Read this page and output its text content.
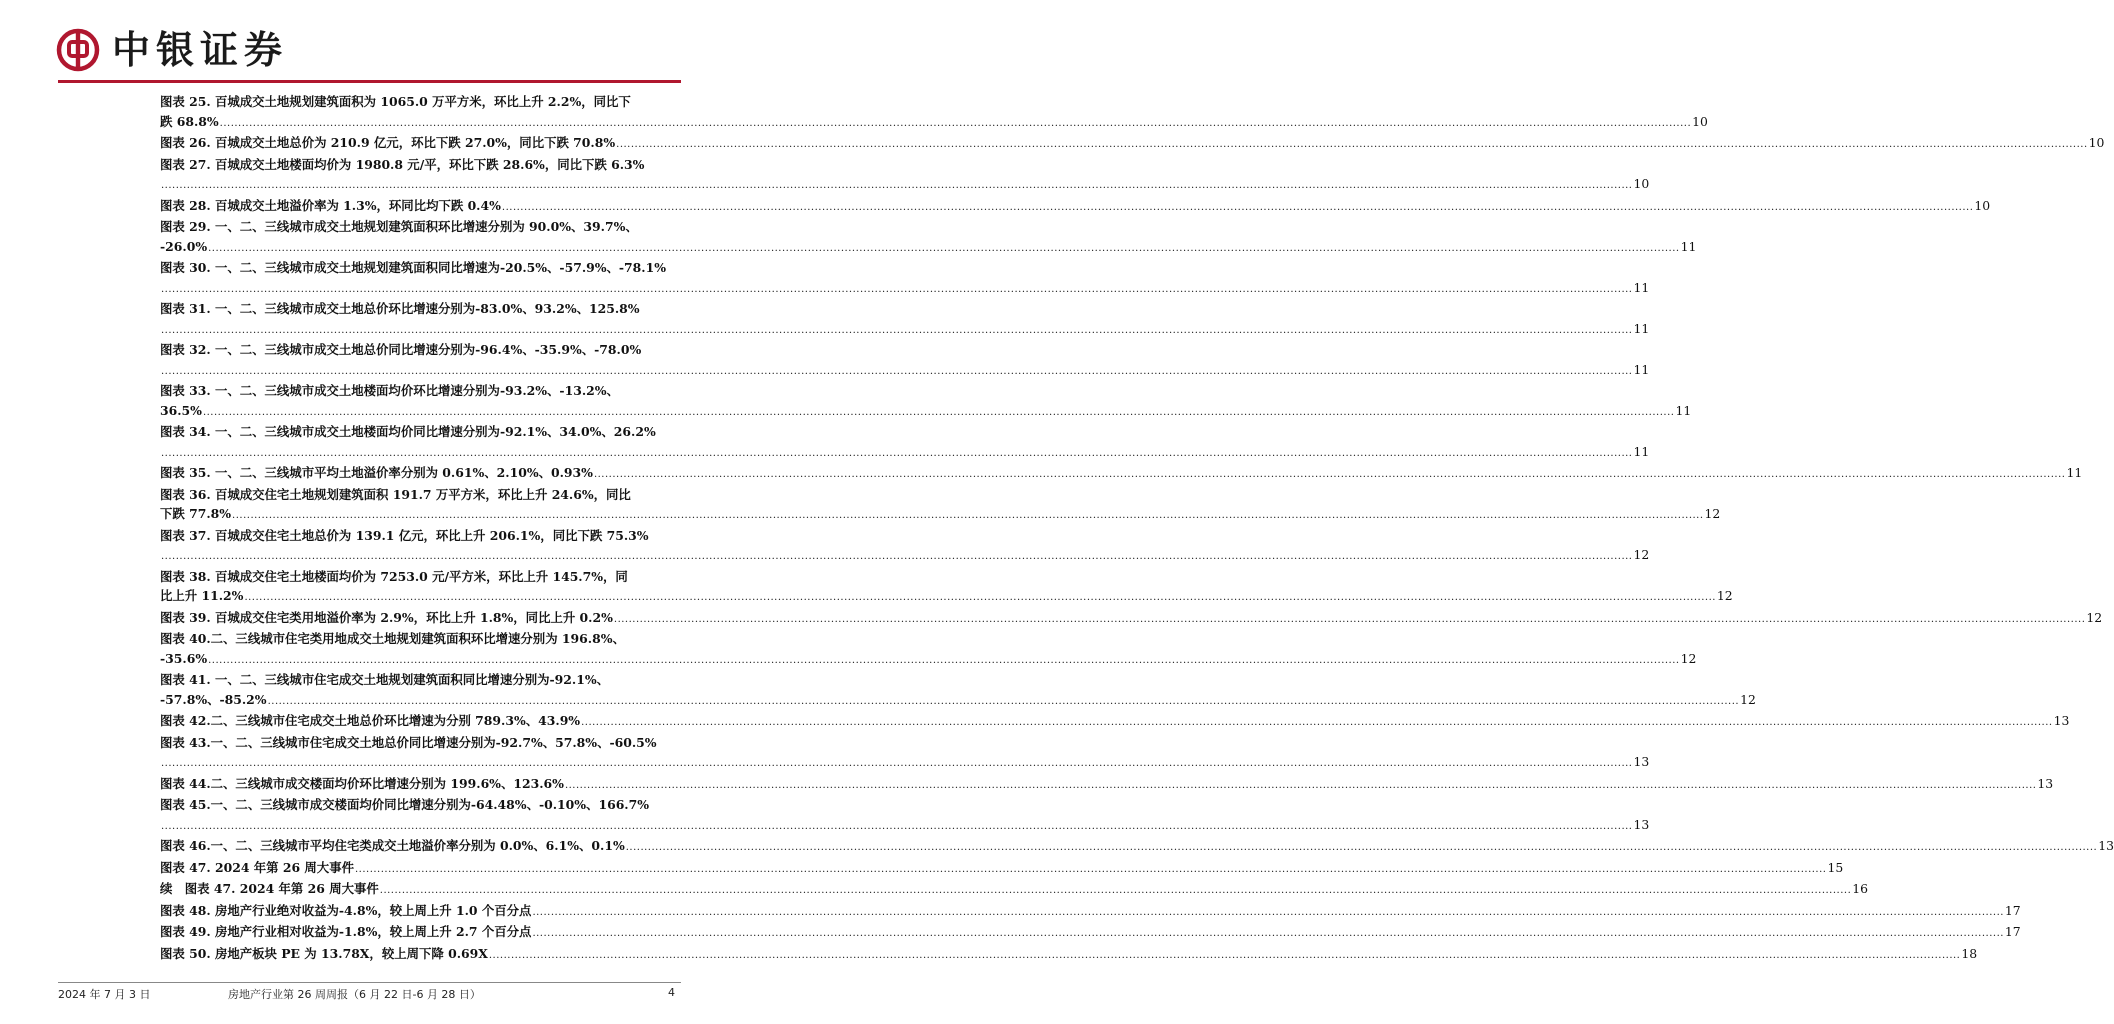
中银证券
图表 25. 百城成交土地规划建筑面积为 1065.0 万平方米，环比上升 2.2%，同比下
跌 68.8% ................................................................................................................................................................................................................................................................................................................................................................................................................ 10
图表 26. 百城成交土地总价为 210.9 亿元，环比下跌 27.0%，同比下跌 70.8% ................................................................................................................................................................................................................................................................................................................................................................................................................ 10
图表 27. 百城成交土地楼面均价为 1980.8 元/平，环比下跌 28.6%，同比下跌 6.3%
................................................................................................................................................................................................................................................................................................................................................................................................................ 10
图表 28. 百城成交土地溢价率为 1.3%，环同比均下跌 0.4% ................................................................................................................................................................................................................................................................................................................................................................................................................ 10
图表 29. 一、二、三线城市成交土地规划建筑面积环比增速分别为 90.0%、39.7%、
-26.0% ................................................................................................................................................................................................................................................................................................................................................................................................................ 11
图表 30. 一、二、三线城市成交土地规划建筑面积同比增速为-20.5%、-57.9%、-78.1%
................................................................................................................................................................................................................................................................................................................................................................................................................ 11
图表 31. 一、二、三线城市成交土地总价环比增速分别为-83.0%、93.2%、125.8%
................................................................................................................................................................................................................................................................................................................................................................................................................ 11
图表 32. 一、二、三线城市成交土地总价同比增速分别为-96.4%、-35.9%、-78.0%
................................................................................................................................................................................................................................................................................................................................................................................................................ 11
图表 33. 一、二、三线城市成交土地楼面均价环比增速分别为-93.2%、-13.2%、
36.5% ................................................................................................................................................................................................................................................................................................................................................................................................................ 11
图表 34. 一、二、三线城市成交土地楼面均价同比增速分别为-92.1%、34.0%、26.2%
................................................................................................................................................................................................................................................................................................................................................................................................................ 11
图表 35. 一、二、三线城市平均土地溢价率分别为 0.61%、2.10%、0.93% ................................................................................................................................................................................................................................................................................................................................................................................................................ 11
图表 36. 百城成交住宅土地规划建筑面积 191.7 万平方米，环比上升 24.6%，同比
下跌 77.8% ................................................................................................................................................................................................................................................................................................................................................................................................................ 12
图表 37. 百城成交住宅土地总价为 139.1 亿元，环比上升 206.1%，同比下跌 75.3%
................................................................................................................................................................................................................................................................................................................................................................................................................ 12
图表 38. 百城成交住宅土地楼面均价为 7253.0 元/平方米，环比上升 145.7%，同
比上升 11.2% ................................................................................................................................................................................................................................................................................................................................................................................................................ 12
图表 39. 百城成交住宅类用地溢价率为 2.9%，环比上升 1.8%，同比上升 0.2% ................................................................................................................................................................................................................................................................................................................................................................................................................ 12
图表 40.二、三线城市住宅类用地成交土地规划建筑面积环比增速分别为 196.8%、
-35.6% ................................................................................................................................................................................................................................................................................................................................................................................................................ 12
图表 41. 一、二、三线城市住宅成交土地规划建筑面积同比增速分别为-92.1%、
-57.8%、-85.2% ................................................................................................................................................................................................................................................................................................................................................................................................................ 12
图表 42.二、三线城市住宅成交土地总价环比增速为分别 789.3%、43.9% ................................................................................................................................................................................................................................................................................................................................................................................................................ 13
图表 43.一、二、三线城市住宅成交土地总价同比增速分别为-92.7%、57.8%、-60.5%
................................................................................................................................................................................................................................................................................................................................................................................................................ 13
图表 44.二、三线城市成交楼面均价环比增速分别为 199.6%、123.6% ................................................................................................................................................................................................................................................................................................................................................................................................................ 13
图表 45.一、二、三线城市成交楼面均价同比增速分别为-64.48%、-0.10%、166.7%
................................................................................................................................................................................................................................................................................................................................................................................................................ 13
图表 46.一、二、三线城市平均住宅类成交土地溢价率分别为 0.0%、6.1%、0.1% ................................................................................................................................................................................................................................................................................................................................................................................................................ 13
图表 47. 2024 年第 26 周大事件 ................................................................................................................................................................................................................................................................................................................................................................................................................ 15
续　图表 47. 2024 年第 26 周大事件 ................................................................................................................................................................................................................................................................................................................................................................................................................ 16
图表 48. 房地产行业绝对收益为-4.8%，较上周上升 1.0 个百分点 ................................................................................................................................................................................................................................................................................................................................................................................................................ 17
图表 49. 房地产行业相对收益为-1.8%，较上周上升 2.7 个百分点 ................................................................................................................................................................................................................................................................................................................................................................................................................ 17
图表 50. 房地产板块 PE 为 13.78X，较上周下降 0.69X ................................................................................................................................................................................................................................................................................................................................................................................................................ 18
2024 年 7 月 3 日	房地产行业第 26 周周报（6 月 22 日-6 月 28 日）	4
